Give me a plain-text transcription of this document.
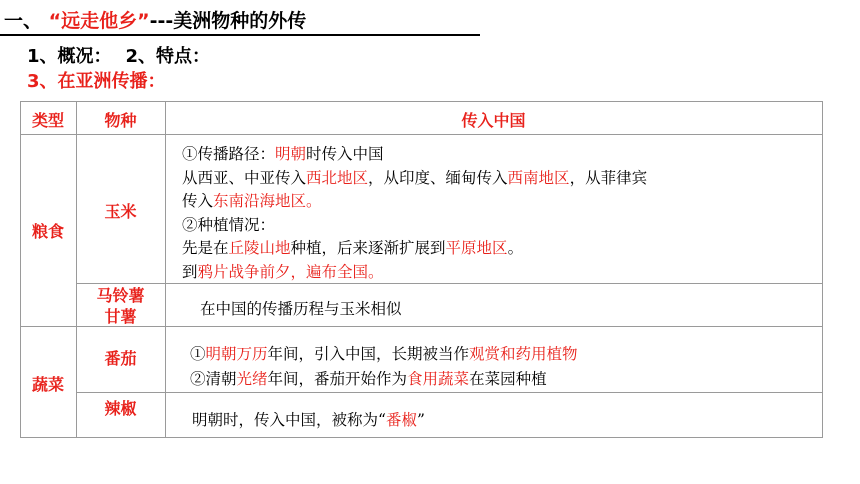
一、 “远走他乡”---美洲物种的外传
1、概况： 2、特点：
3、在亚洲传播：
类型	物种	传入中国
粮食
蔬菜
玉米
马铃薯
甘薯
番茄
辣椒
①传播路径：明朝时传入中国
从西亚、中亚传入西北地区，从印度、缅甸传入西南地区，从菲律宾
传入东南沿海地区。
②种植情况：
先是在丘陵山地种植，后来逐渐扩展到平原地区。
到鸦片战争前夕，遍布全国。
在中国的传播历程与玉米相似
①明朝万历年间，引入中国，长期被当作观赏和药用植物
②清朝光绪年间，番茄开始作为食用蔬菜在菜园种植
明朝时，传入中国，被称为“番椒”
